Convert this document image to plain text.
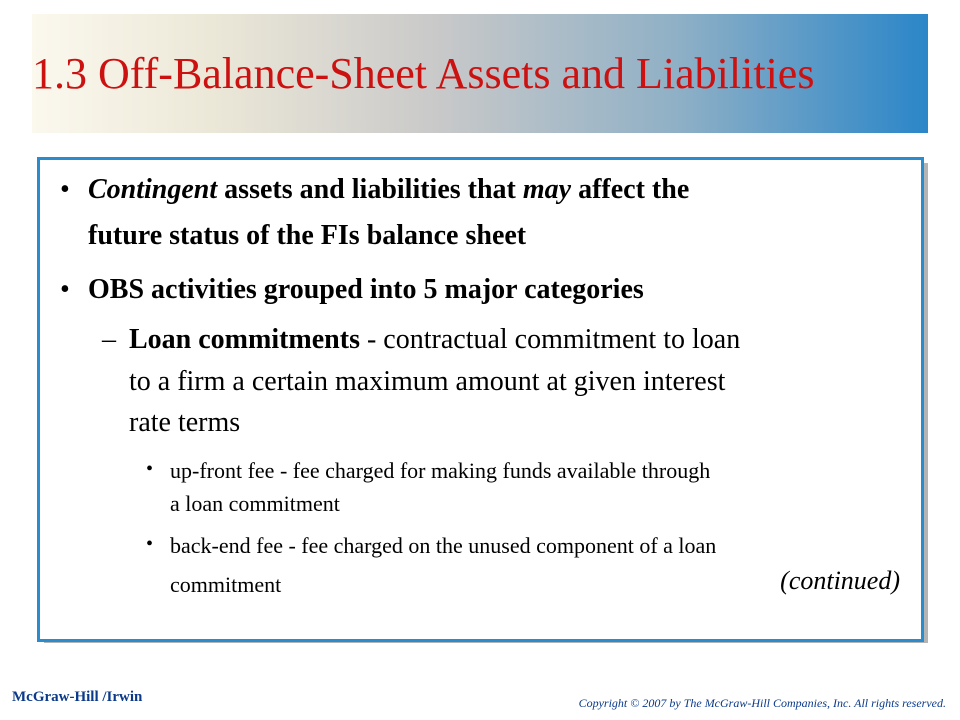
1.3 Off-Balance-Sheet Assets and Liabilities
• Contingent assets and liabilities that may affect the
future status of the FIs balance sheet
• OBS activities grouped into 5 major categories
– Loan commitments - contractual commitment to loan
to a firm a certain maximum amount at given interest
rate terms
• up-front fee - fee charged for making funds available through
a loan commitment
• back-end fee - fee charged on the unused component of a loan
commitment	(continued)
McGraw-Hill /Irwin	Copyright © 2007 by The McGraw-Hill Companies, Inc. All rights reserved.
